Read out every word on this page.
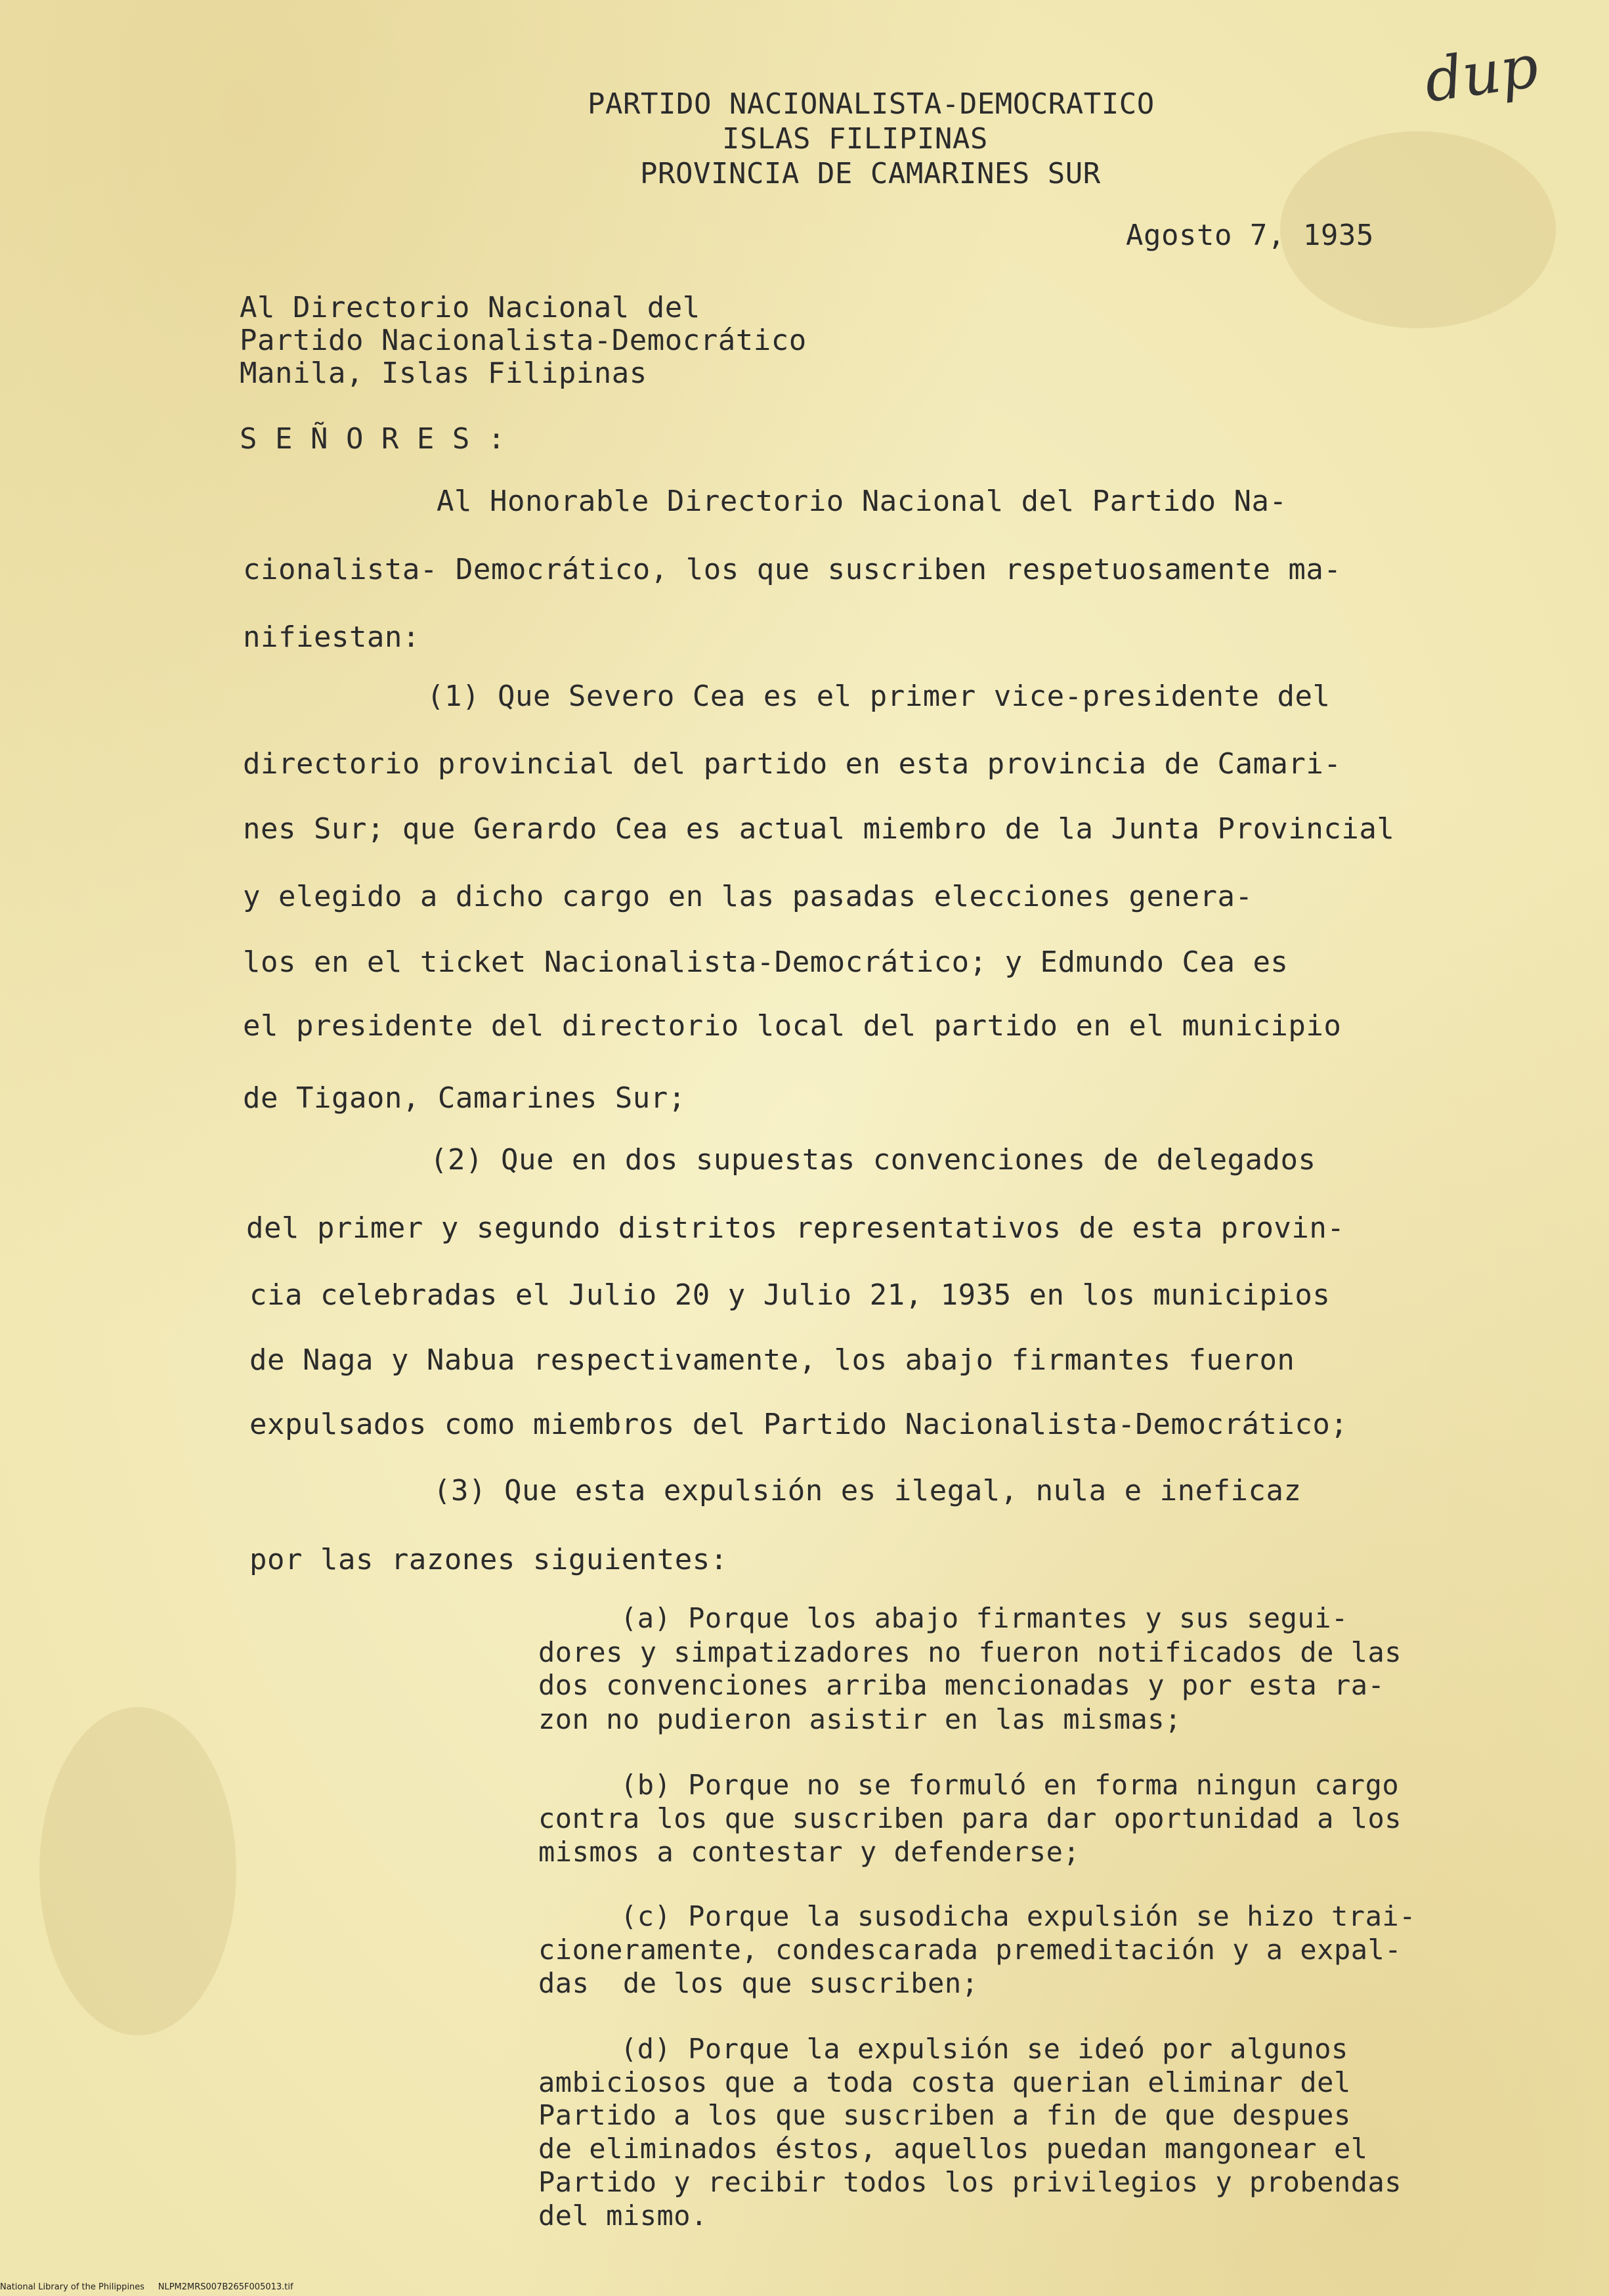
dup
PARTIDO NACIONALISTA-DEMOCRATICO
ISLAS FILIPINAS
PROVINCIA DE CAMARINES SUR
Agosto 7, 1935
Al Directorio Nacional del
Partido Nacionalista-Democrático
Manila, Islas Filipinas
S E Ñ O R E S :
Al Honorable Directorio Nacional del Partido Na-
cionalista- Democrático, los que suscriben respetuosamente ma-
nifiestan:
(1) Que Severo Cea es el primer vice-presidente del
directorio provincial del partido en esta provincia de Camari-
nes Sur; que Gerardo Cea es actual miembro de la Junta Provincial
y elegido a dicho cargo en las pasadas elecciones genera-
los en el ticket Nacionalista-Democrático; y Edmundo Cea es
el presidente del directorio local del partido en el municipio
de Tigaon, Camarines Sur;
(2) Que en dos supuestas convenciones de delegados
del primer y segundo distritos representativos de esta provin-
cia celebradas el Julio 20 y Julio 21, 1935 en los municipios
de Naga y Nabua respectivamente, los abajo firmantes fueron
expulsados como miembros del Partido Nacionalista-Democrático;
(3) Que esta expulsión es ilegal, nula e ineficaz
por las razones siguientes:
(a) Porque los abajo firmantes y sus segui-
dores y simpatizadores no fueron notificados de las
dos convenciones arriba mencionadas y por esta ra-
zon no pudieron asistir en las mismas;
(b) Porque no se formuló en forma ningun cargo
contra los que suscriben para dar oportunidad a los
mismos a contestar y defenderse;
(c) Porque la susodicha expulsión se hizo trai-
cioneramente, condescarada premeditación y a expal-
das  de los que suscriben;
(d) Porque la expulsión se ideó por algunos
ambiciosos que a toda costa querian eliminar del
Partido a los que suscriben a fin de que despues
de eliminados éstos, aquellos puedan mangonear el
Partido y recibir todos los privilegios y probendas
del mismo.
National Library of the Philippines     NLPM2MRS007B265F005013.tif
